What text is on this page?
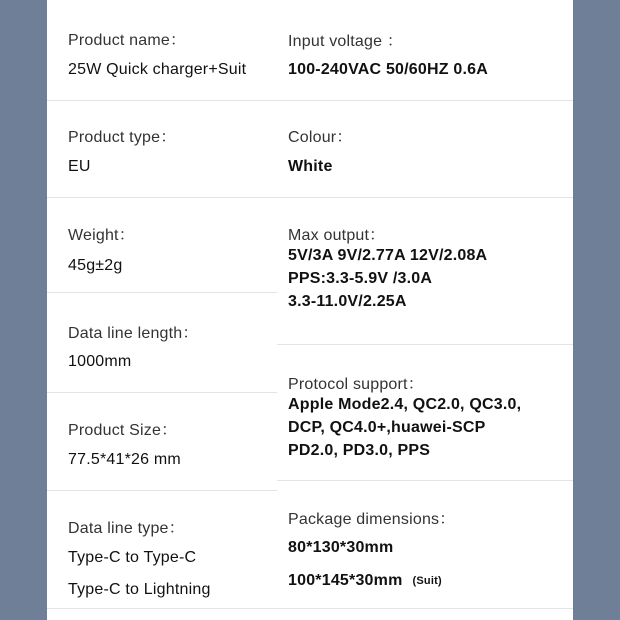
Product name：
25W Quick charger+Suit
Product type：
EU
Weight：
45g±2g
Data line length：
1000mm
Product Size：
77.5*41*26 mm
Data line type：
Type-C to Type-C
Type-C to Lightning
Input voltage ：
100-240VAC 50/60HZ 0.6A
Colour：
White
Max output：
5V/3A 9V/2.77A 12V/2.08A
PPS:3.3-5.9V /3.0A
3.3-11.0V/2.25A
Protocol support：
Apple Mode2.4, QC2.0, QC3.0,
DCP, QC4.0+,huawei-SCP
PD2.0, PD3.0, PPS
Package dimensions：
80*130*30mm
100*145*30mm (Suit)
